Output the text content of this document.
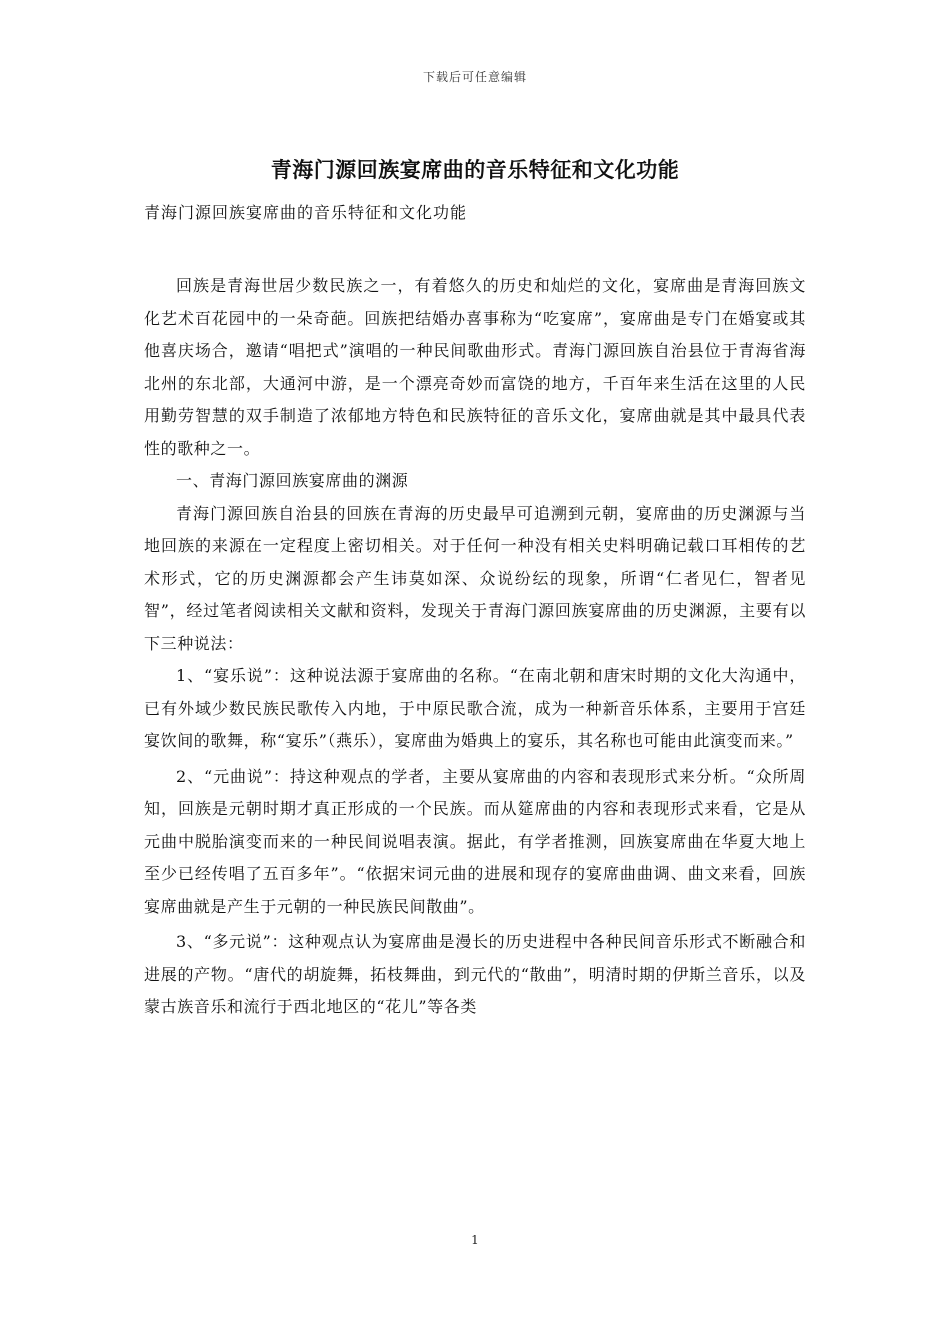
下载后可任意编辑
青海门源回族宴席曲的音乐特征和文化功能
青海门源回族宴席曲的音乐特征和文化功能

回族是青海世居少数民族之一，有着悠久的历史和灿烂的文化，宴席曲是青海回族文化艺术百花园中的一朵奇葩。回族把结婚办喜事称为“吃宴席”，宴席曲是专门在婚宴或其他喜庆场合，邀请“唱把式”演唱的一种民间歌曲形式。青海门源回族自治县位于青海省海北州的东北部，大通河中游，是一个漂亮奇妙而富饶的地方，千百年来生活在这里的人民用勤劳智慧的双手制造了浓郁地方特色和民族特征的音乐文化，宴席曲就是其中最具代表性的歌种之一。

一、青海门源回族宴席曲的渊源

青海门源回族自治县的回族在青海的历史最早可追溯到元朝，宴席曲的历史渊源与当地回族的来源在一定程度上密切相关。对于任何一种没有相关史料明确记载口耳相传的艺术形式，它的历史渊源都会产生讳莫如深、众说纷纭的现象，所谓“仁者见仁，智者见智”，经过笔者阅读相关文献和资料，发现关于青海门源回族宴席曲的历史渊源，主要有以下三种说法：

1、“宴乐说”：这种说法源于宴席曲的名称。“在南北朝和唐宋时期的文化大沟通中，已有外域少数民族民歌传入内地，于中原民歌合流，成为一种新音乐体系，主要用于宫廷宴饮间的歌舞，称“宴乐”（燕乐），宴席曲为婚典上的宴乐，其名称也可能由此演变而来。”

2、“元曲说”：持这种观点的学者，主要从宴席曲的内容和表现形式来分析。“众所周知，回族是元朝时期才真正形成的一个民族。而从筵席曲的内容和表现形式来看，它是从元曲中脱胎演变而来的一种民间说唱表演。据此，有学者推测，回族宴席曲在华夏大地上至少已经传唱了五百多年”。“依据宋词元曲的进展和现存的宴席曲曲调、曲文来看，回族宴席曲就是产生于元朝的一种民族民间散曲”。

3、“多元说”：这种观点认为宴席曲是漫长的历史进程中各种民间音乐形式不断融合和进展的产物。“唐代的胡旋舞，拓枝舞曲，到元代的“散曲”，明清时期的伊斯兰音乐，以及蒙古族音乐和流行于西北地区的“花儿”等各类

1
